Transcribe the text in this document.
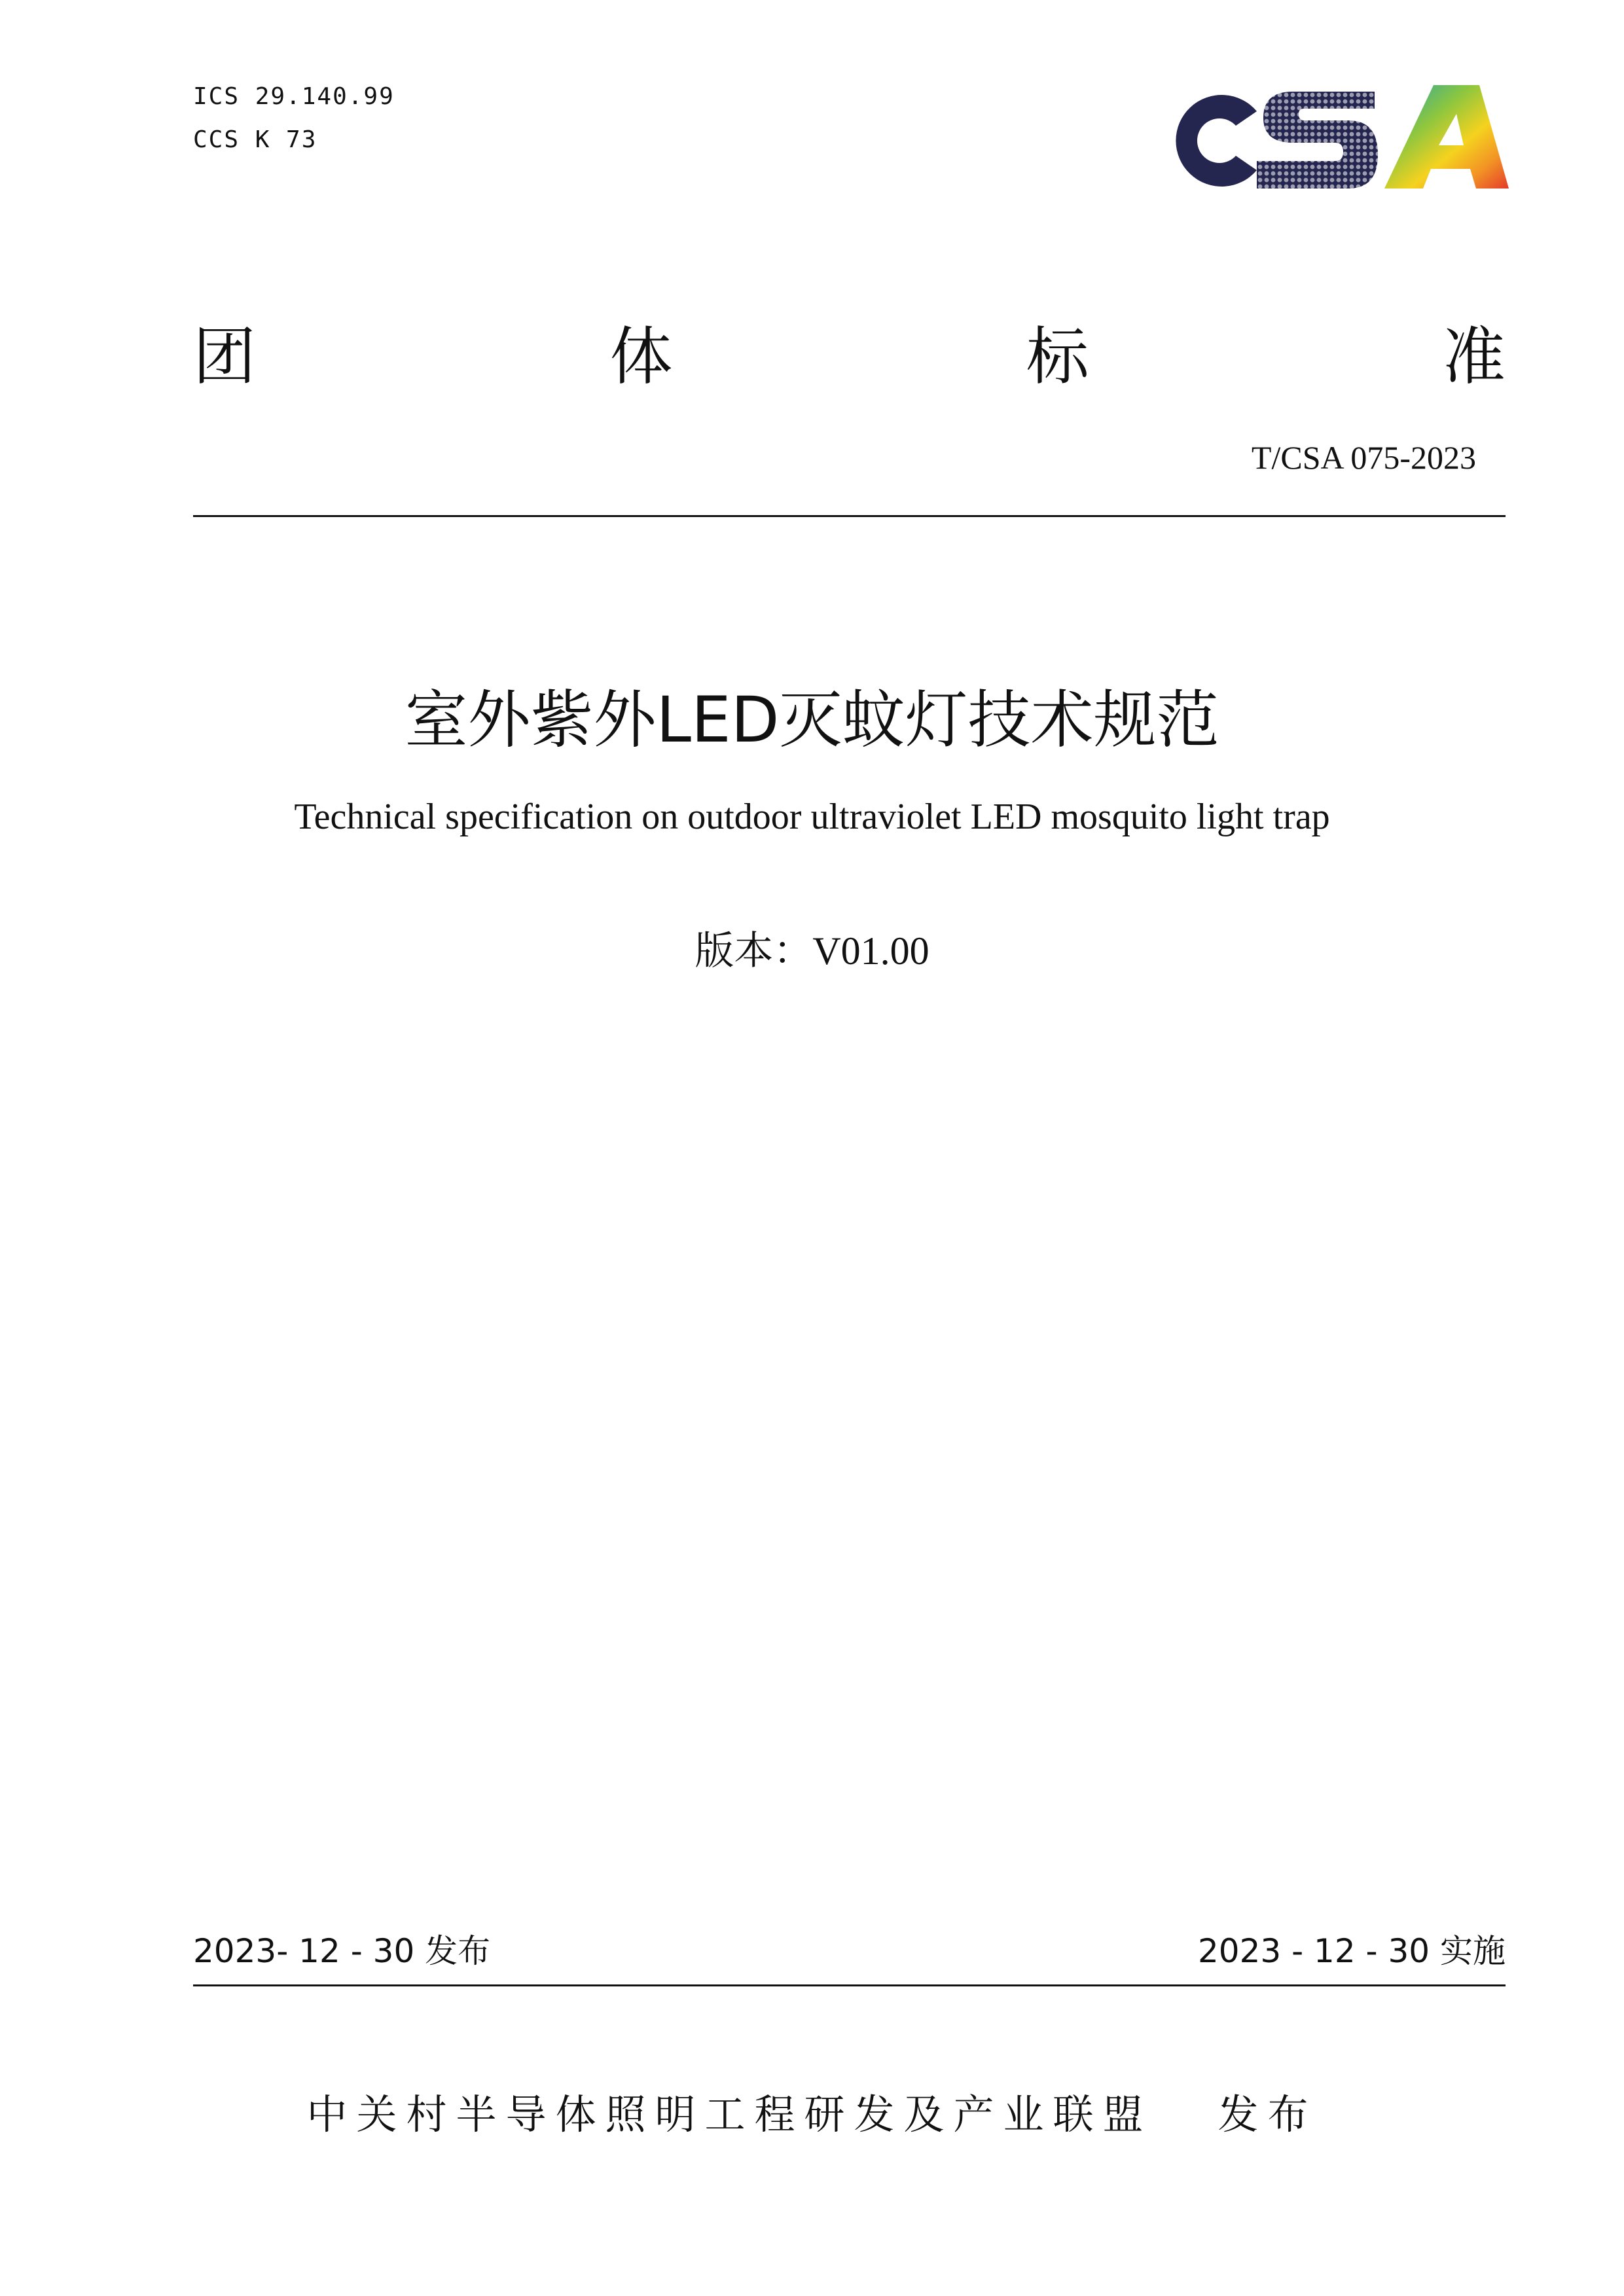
ICS 29.140.99
CCS K 73
团	体	标	准
T/CSA 075-2023
室外紫外LED灭蚊灯技术规范
Technical specification on outdoor ultraviolet LED mosquito light trap
版本：V01.00
2023- 12 - 30 发布	2023 - 12 - 30 实施
中关村半导体照明工程研发及产业联盟 发布
